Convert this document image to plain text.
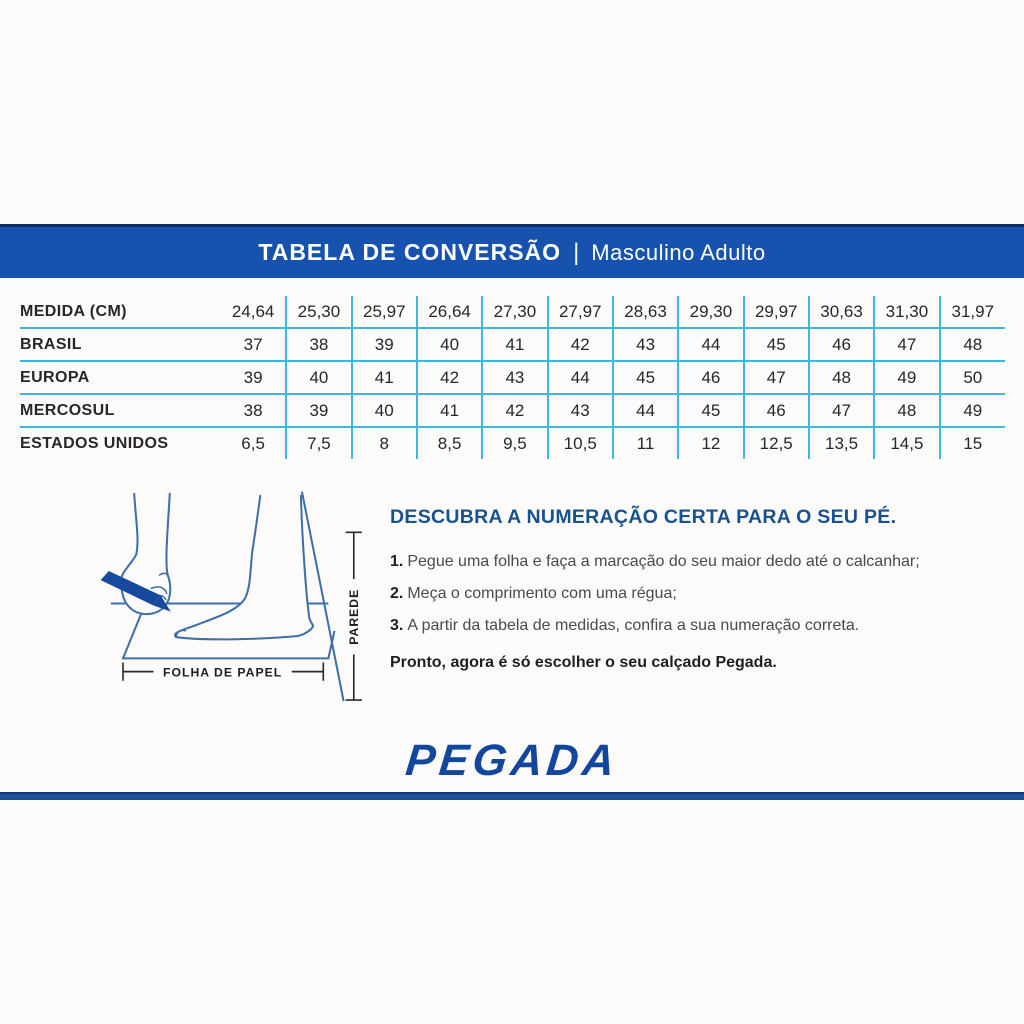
TABELA DE CONVERSÃO | Masculino Adulto
MEDIDA (CM)	24,64	25,30	25,97	26,64	27,30	27,97	28,63	29,30	29,97	30,63	31,30	31,97
BRASIL	37	38	39	40	41	42	43	44	45	46	47	48
EUROPA	39	40	41	42	43	44	45	46	47	48	49	50
MERCOSUL	38	39	40	41	42	43	44	45	46	47	48	49
ESTADOS UNIDOS	6,5	7,5	8	8,5	9,5	10,5	11	12	12,5	13,5	14,5	15
FOLHA DE PAPEL
PAREDE
DESCUBRA A NUMERAÇÃO CERTA PARA O SEU PÉ.

1. Pegue uma folha e faça a marcação do seu maior dedo até o calcanhar;

2. Meça o comprimento com uma régua;

3. A partir da tabela de medidas, confira a sua numeração correta.

Pronto, agora é só escolher o seu calçado Pegada.

PEGADA
